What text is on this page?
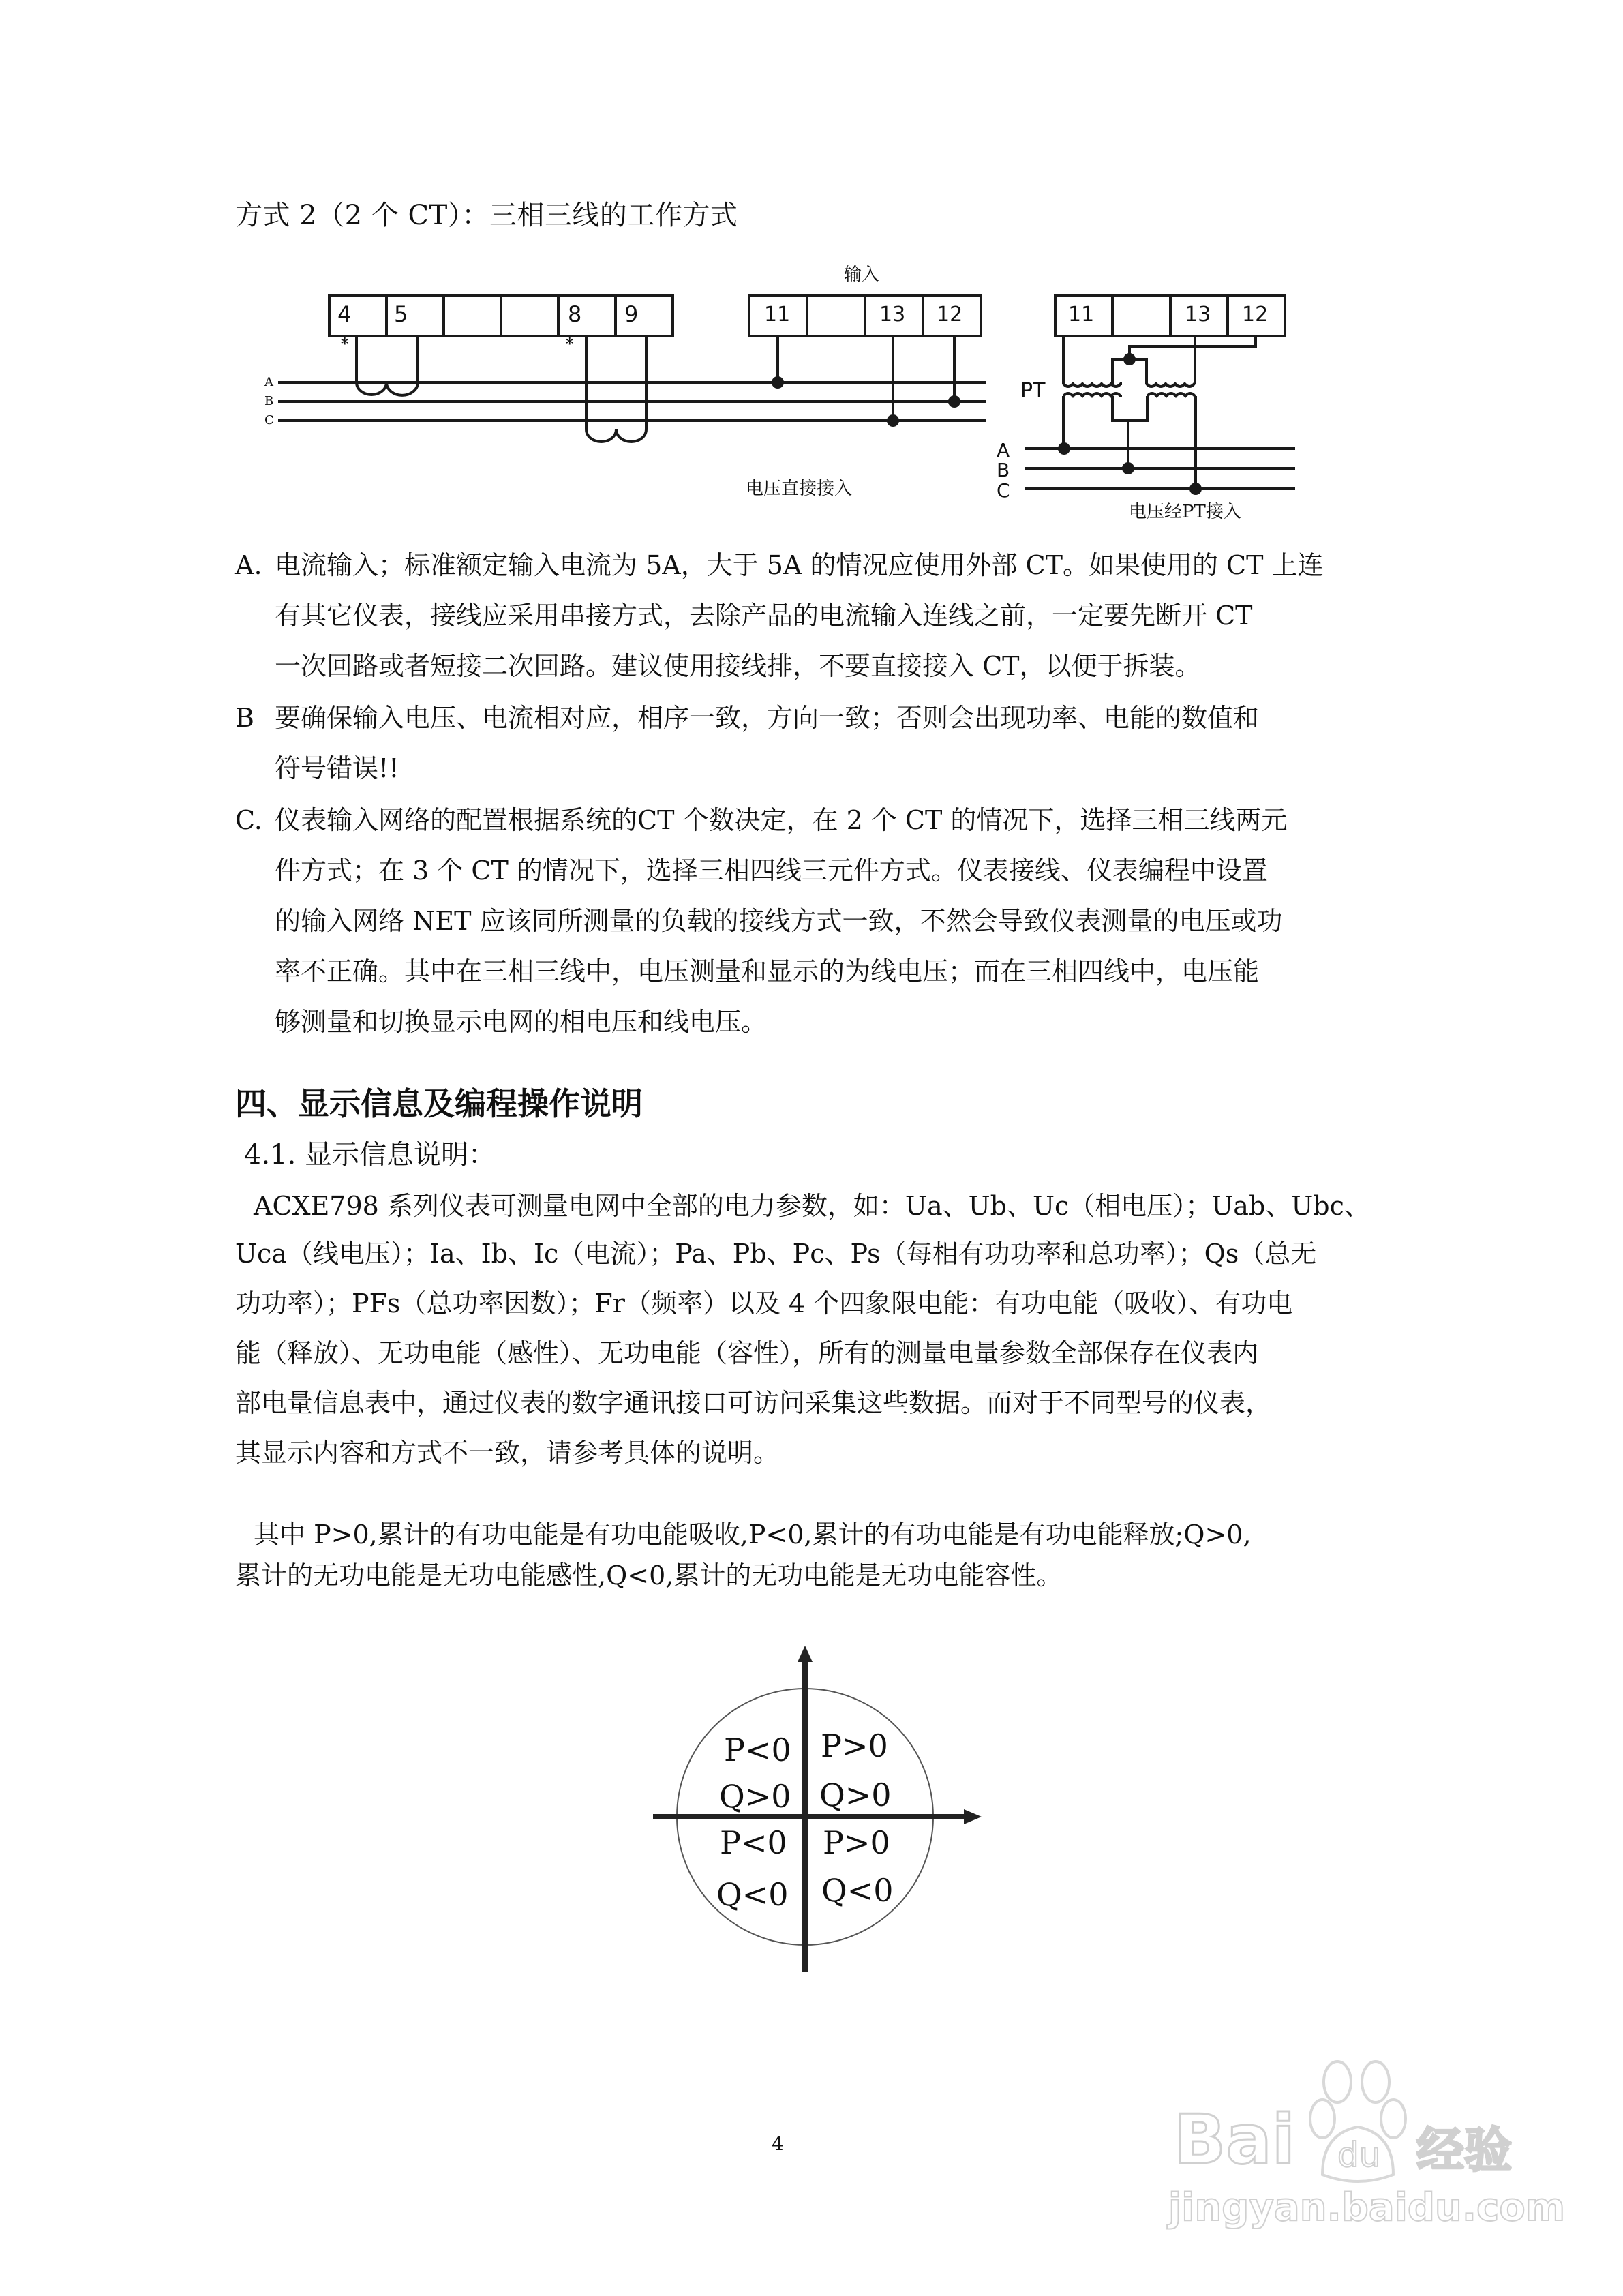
方式 2（2 个 CT）：三相三线的工作方式
4 5	8 9
*	*
A
B
C
输入
11	13 12
电压直接接入
11	13 12
PT
A
B
C
电压经PT接入
A. 电流输入；标准额定输入电流为 5A，大于 5A 的情况应使用外部 CT。如果使用的 CT 上连
有其它仪表，接线应采用串接方式，去除产品的电流输入连线之前，一定要先断开 CT
一次回路或者短接二次回路。建议使用接线排，不要直接接入 CT，以便于拆装。
B 要确保输入电压、电流相对应，相序一致，方向一致；否则会出现功率、电能的数值和
符号错误!!
C. 仪表输入网络的配置根据系统的CT 个数决定，在 2 个 CT 的情况下，选择三相三线两元
件方式；在 3 个 CT 的情况下，选择三相四线三元件方式。仪表接线、仪表编程中设置
的输入网络 NET 应该同所测量的负载的接线方式一致，不然会导致仪表测量的电压或功
率不正确。其中在三相三线中，电压测量和显示的为线电压；而在三相四线中，电压能
够测量和切换显示电网的相电压和线电压。
四、显示信息及编程操作说明
4.1. 显示信息说明：
ACXE798 系列仪表可测量电网中全部的电力参数，如：Ua、Ub、Uc（相电压）；Uab、Ubc、
Uca（线电压）；Ia、Ib、Ic（电流）；Pa、Pb、Pc、Ps（每相有功功率和总功率）；Qs（总无
功功率）；PFs（总功率因数）；Fr（频率）以及 4 个四象限电能：有功电能（吸收）、有功电
能（释放）、无功电能（感性）、无功电能（容性），所有的测量电量参数全部保存在仪表内
部电量信息表中，通过仪表的数字通讯接口可访问采集这些数据。而对于不同型号的仪表，
其显示内容和方式不一致，请参考具体的说明。
其中 P>0,累计的有功电能是有功电能吸收,P<0,累计的有功电能是有功电能释放;Q>0,
累计的无功电能是无功电能感性,Q<0,累计的无功电能是无功电能容性。
P<0
Q>0
P>0
Q>0
P<0
Q<0
P>0
Q<0
4	Bai du 经验
jingyan.baidu.com
